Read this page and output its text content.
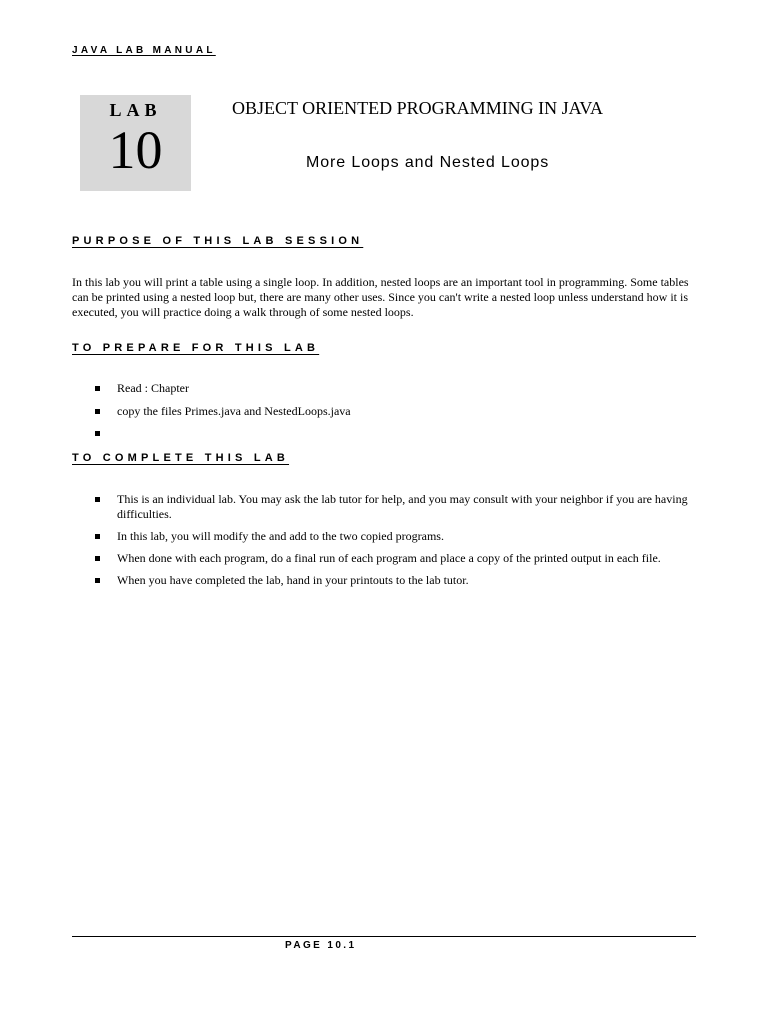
JAVA LAB MANUAL
LAB
10
OBJECT ORIENTED PROGRAMMING IN JAVA
More Loops and Nested Loops
PURPOSE OF THIS LAB SESSION

In this lab you will print a table using a single loop. In addition, nested loops are an important tool in programming. Some tables can be printed using a nested loop but, there are many other uses. Since you can't write a nested loop unless understand how it is executed, you will practice doing a walk through of some nested loops.

TO PREPARE FOR THIS LAB
Read : Chapter
copy the files Primes.java and NestedLoops.java
TO COMPLETE THIS LAB
This is an individual lab. You may ask the lab tutor for help, and you may consult with your neighbor if you are having difficulties.
In this lab, you will modify the and add to the two copied programs.
When done with each program, do a final run of each program and place a copy of the printed output in each file.
When you have completed the lab, hand in your printouts to the lab tutor.
PAGE 10.1
